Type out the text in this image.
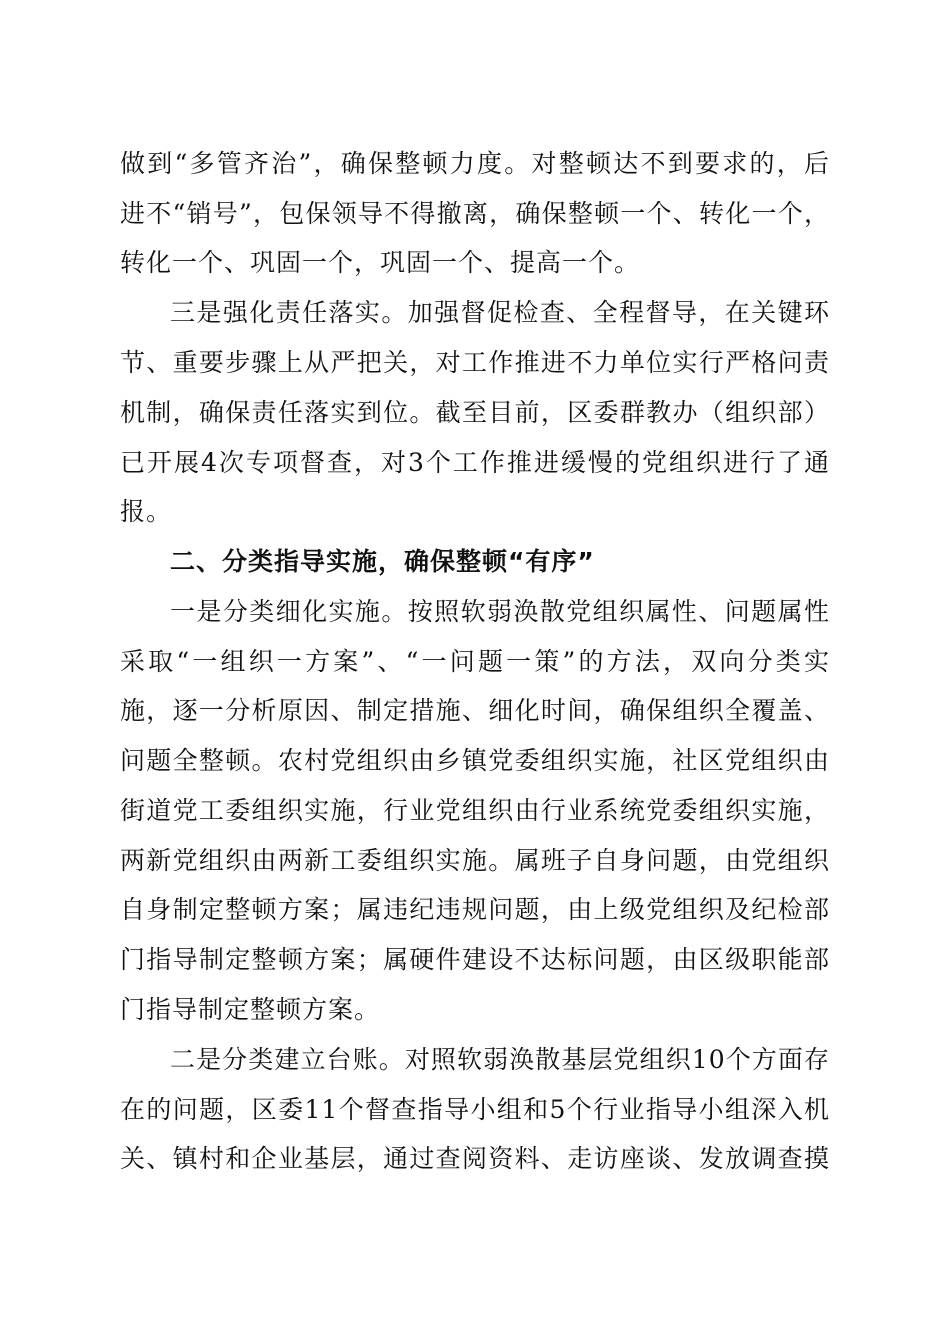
做到“多管齐治”，确保整顿力度。对整顿达不到要求的，后
进不“销号”，包保领导不得撤离，确保整顿一个、转化一个，
转化一个、巩固一个，巩固一个、提高一个。
三是强化责任落实。加强督促检查、全程督导，在关键环
节、重要步骤上从严把关，对工作推进不力单位实行严格问责
机制，确保责任落实到位。截至目前，区委群教办（组织部）
已开展4次专项督查，对3个工作推进缓慢的党组织进行了通
报。
二、分类指导实施，确保整顿“有序”
一是分类细化实施。按照软弱涣散党组织属性、问题属性
采取“一组织一方案”、“一问题一策”的方法，双向分类实
施，逐一分析原因、制定措施、细化时间，确保组织全覆盖、
问题全整顿。农村党组织由乡镇党委组织实施，社区党组织由
街道党工委组织实施，行业党组织由行业系统党委组织实施，
两新党组织由两新工委组织实施。属班子自身问题，由党组织
自身制定整顿方案；属违纪违规问题，由上级党组织及纪检部
门指导制定整顿方案；属硬件建设不达标问题，由区级职能部
门指导制定整顿方案。
二是分类建立台账。对照软弱涣散基层党组织10个方面存
在的问题，区委11个督查指导小组和5个行业指导小组深入机
关、镇村和企业基层，通过查阅资料、走访座谈、发放调查摸
